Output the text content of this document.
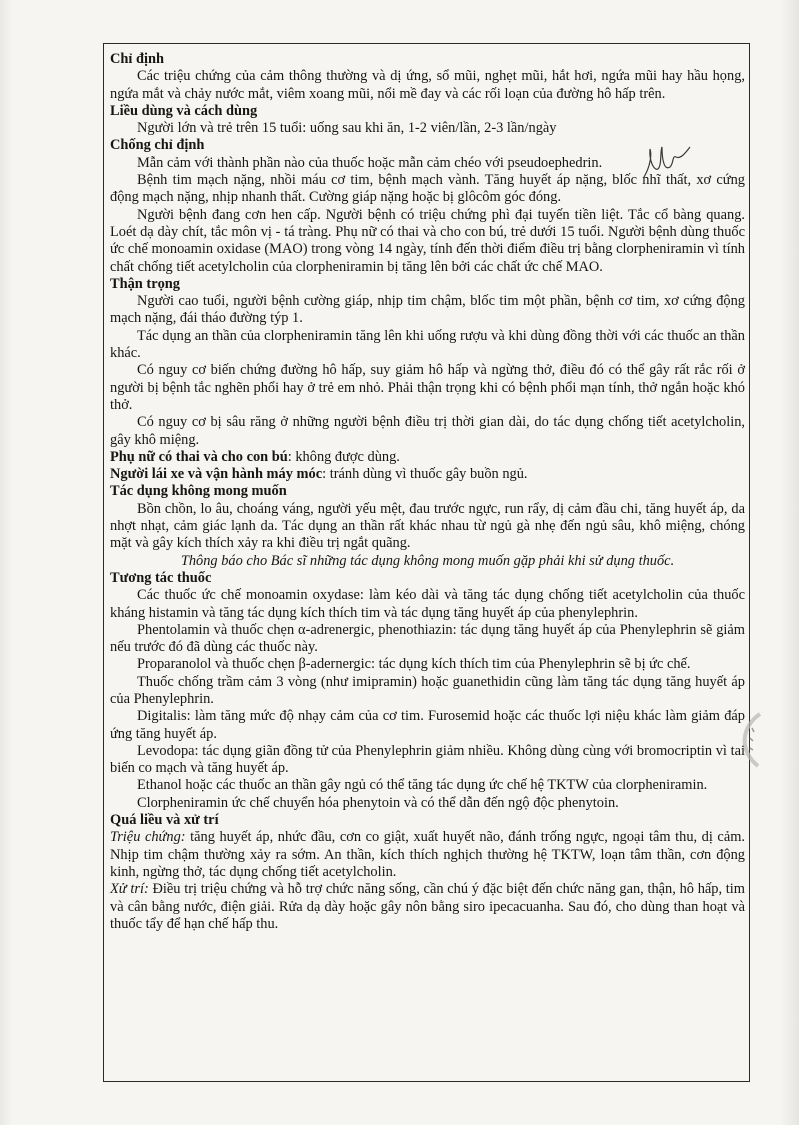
Chỉ định

Các triệu chứng của cảm thông thường và dị ứng, sổ mũi, nghẹt mũi, hắt hơi, ngứa mũi hay hầu họng, ngứa mắt và chảy nước mắt, viêm xoang mũi, nổi mề đay và các rối loạn của đường hô hấp trên.

Liều dùng và cách dùng

Người lớn và trẻ trên 15 tuổi: uống sau khi ăn, 1-2 viên/lần, 2-3 lần/ngày

Chống chỉ định

Mẫn cảm với thành phần nào của thuốc hoặc mẫn cảm chéo với pseudoephedrin.

Bệnh tim mạch nặng, nhồi máu cơ tim, bệnh mạch vành. Tăng huyết áp nặng, blốc nhĩ thất, xơ cứng động mạch nặng, nhịp nhanh thất. Cường giáp nặng hoặc bị glôcôm góc đóng.

Người bệnh đang cơn hen cấp. Người bệnh có triệu chứng phì đại tuyến tiền liệt. Tắc cổ bàng quang. Loét dạ dày chít, tắc môn vị - tá tràng. Phụ nữ có thai và cho con bú, trẻ dưới 15 tuổi. Người bệnh dùng thuốc ức chế monoamin oxidase (MAO) trong vòng 14 ngày, tính đến thời điểm điều trị bằng clorpheniramin vì tính chất chống tiết acetylcholin của clorpheniramin bị tăng lên bởi các chất ức chế MAO.

Thận trọng

Người cao tuổi, người bệnh cường giáp, nhịp tim chậm, blốc tim một phần, bệnh cơ tim, xơ cứng động mạch nặng, đái tháo đường týp 1.

Tác dụng an thần của clorpheniramin tăng lên khi uống rượu và khi dùng đồng thời với các thuốc an thần khác.

Có nguy cơ biến chứng đường hô hấp, suy giảm hô hấp và ngừng thở, điều đó có thể gây rất rắc rối ở người bị bệnh tắc nghẽn phổi hay ở trẻ em nhỏ. Phải thận trọng khi có bệnh phổi mạn tính, thở ngắn hoặc khó thở.

Có nguy cơ bị sâu răng ở những người bệnh điều trị thời gian dài, do tác dụng chống tiết acetylcholin, gây khô miệng.

Phụ nữ có thai và cho con bú: không được dùng.

Người lái xe và vận hành máy móc: tránh dùng vì thuốc gây buồn ngủ.

Tác dụng không mong muốn

Bồn chồn, lo âu, choáng váng, người yếu mệt, đau trước ngực, run rẩy, dị cảm đầu chi, tăng huyết áp, da nhợt nhạt, cảm giác lạnh da. Tác dụng an thần rất khác nhau từ ngủ gà nhẹ đến ngủ sâu, khô miệng, chóng mặt và gây kích thích xảy ra khi điều trị ngắt quãng.

Thông báo cho Bác sĩ những tác dụng không mong muốn gặp phải khi sử dụng thuốc.

Tương tác thuốc

Các thuốc ức chế monoamin oxydase: làm kéo dài và tăng tác dụng chống tiết acetylcholin của thuốc kháng histamin và tăng tác dụng kích thích tim và tác dụng tăng huyết áp của phenylephrin.

Phentolamin và thuốc chẹn α-adrenergic, phenothiazin: tác dụng tăng huyết áp của Phenylephrin sẽ giảm nếu trước đó đã dùng các thuốc này.

Proparanolol và thuốc chẹn β-adernergic: tác dụng kích thích tim của Phenylephrin sẽ bị ức chế.

Thuốc chống trầm cảm 3 vòng (như imipramin) hoặc guanethidin cũng làm tăng tác dụng tăng huyết áp của Phenylephrin.

Digitalis: làm tăng mức độ nhạy cảm của cơ tim. Furosemid hoặc các thuốc lợi niệu khác làm giảm đáp ứng tăng huyết áp.

Levodopa: tác dụng giãn đồng tử của Phenylephrin giảm nhiều. Không dùng cùng với bromocriptin vì tai biến co mạch và tăng huyết áp.

Ethanol hoặc các thuốc an thần gây ngủ có thể tăng tác dụng ức chế hệ TKTW của clorpheniramin.

Clorpheniramin ức chế chuyển hóa phenytoin và có thể dẫn đến ngộ độc phenytoin.

Quá liều và xử trí

Triệu chứng: tăng huyết áp, nhức đầu, cơn co giật, xuất huyết não, đánh trống ngực, ngoại tâm thu, dị cảm. Nhịp tim chậm thường xảy ra sớm. An thần, kích thích nghịch thường hệ TKTW, loạn tâm thần, cơn động kinh, ngừng thở, tác dụng chống tiết acetylcholin.

Xử trí: Điều trị triệu chứng và hỗ trợ chức năng sống, cần chú ý đặc biệt đến chức năng gan, thận, hô hấp, tim và cân bằng nước, điện giải. Rửa dạ dày hoặc gây nôn bằng siro ipecacuanha. Sau đó, cho dùng than hoạt và thuốc tẩy để hạn chế hấp thu.
